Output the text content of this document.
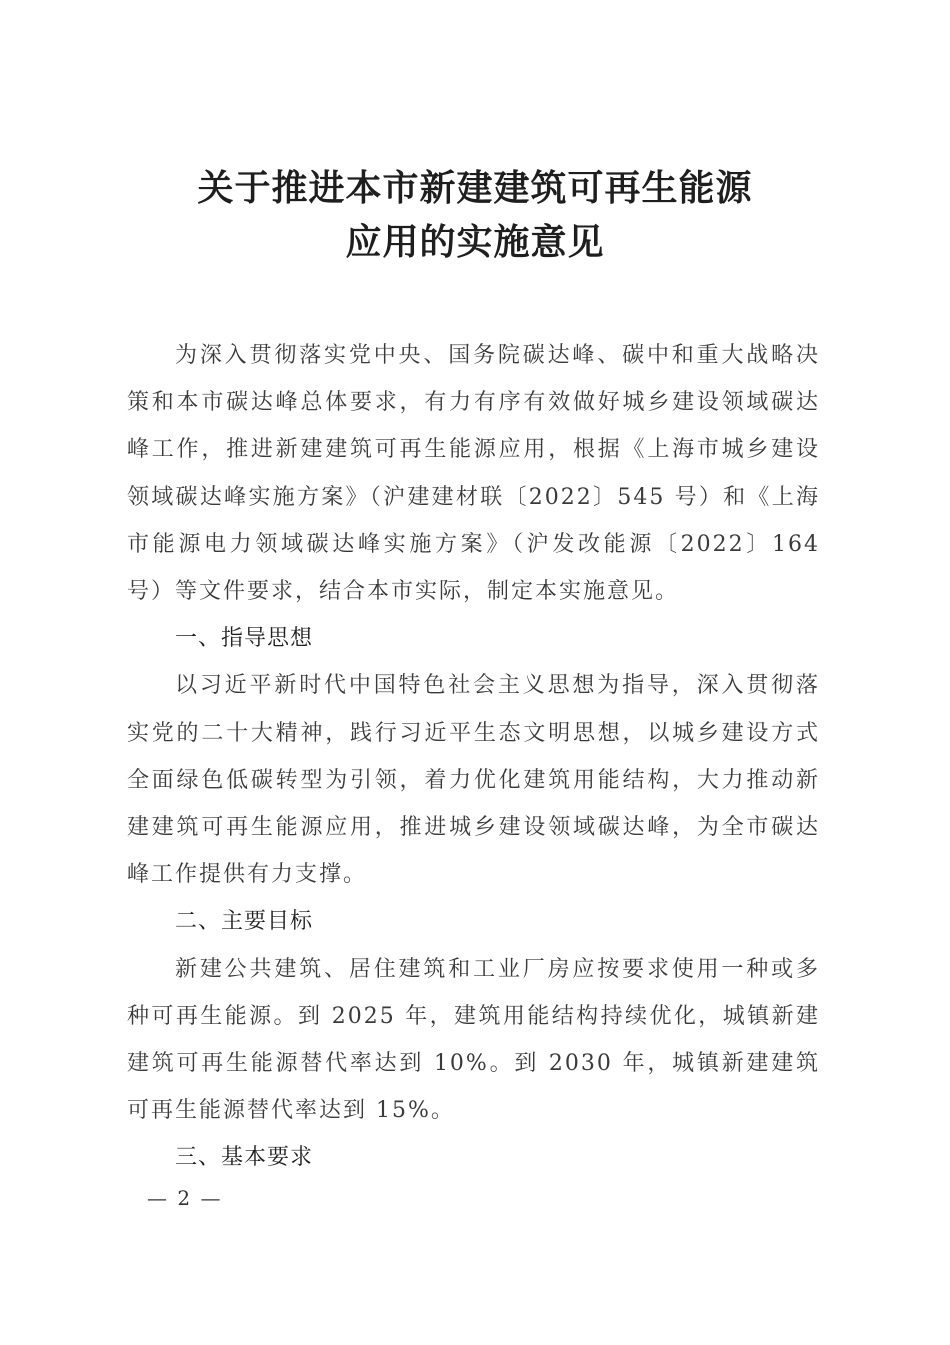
关于推进本市新建建筑可再生能源
应用的实施意见

为深入贯彻落实党中央、国务院碳达峰、碳中和重大战略决策和本市碳达峰总体要求，有力有序有效做好城乡建设领域碳达峰工作，推进新建建筑可再生能源应用，根据《上海市城乡建设领域碳达峰实施方案》（沪建建材联〔2022〕545 号）和《上海市能源电力领域碳达峰实施方案》（沪发改能源〔2022〕164 号）等文件要求，结合本市实际，制定本实施意见。

一、指导思想

以习近平新时代中国特色社会主义思想为指导，深入贯彻落实党的二十大精神，践行习近平生态文明思想，以城乡建设方式全面绿色低碳转型为引领，着力优化建筑用能结构，大力推动新建建筑可再生能源应用，推进城乡建设领域碳达峰，为全市碳达峰工作提供有力支撑。

二、主要目标

新建公共建筑、居住建筑和工业厂房应按要求使用一种或多种可再生能源。到 2025 年，建筑用能结构持续优化，城镇新建建筑可再生能源替代率达到 10%。到 2030 年，城镇新建建筑可再生能源替代率达到 15%。

三、基本要求
— 2 —
